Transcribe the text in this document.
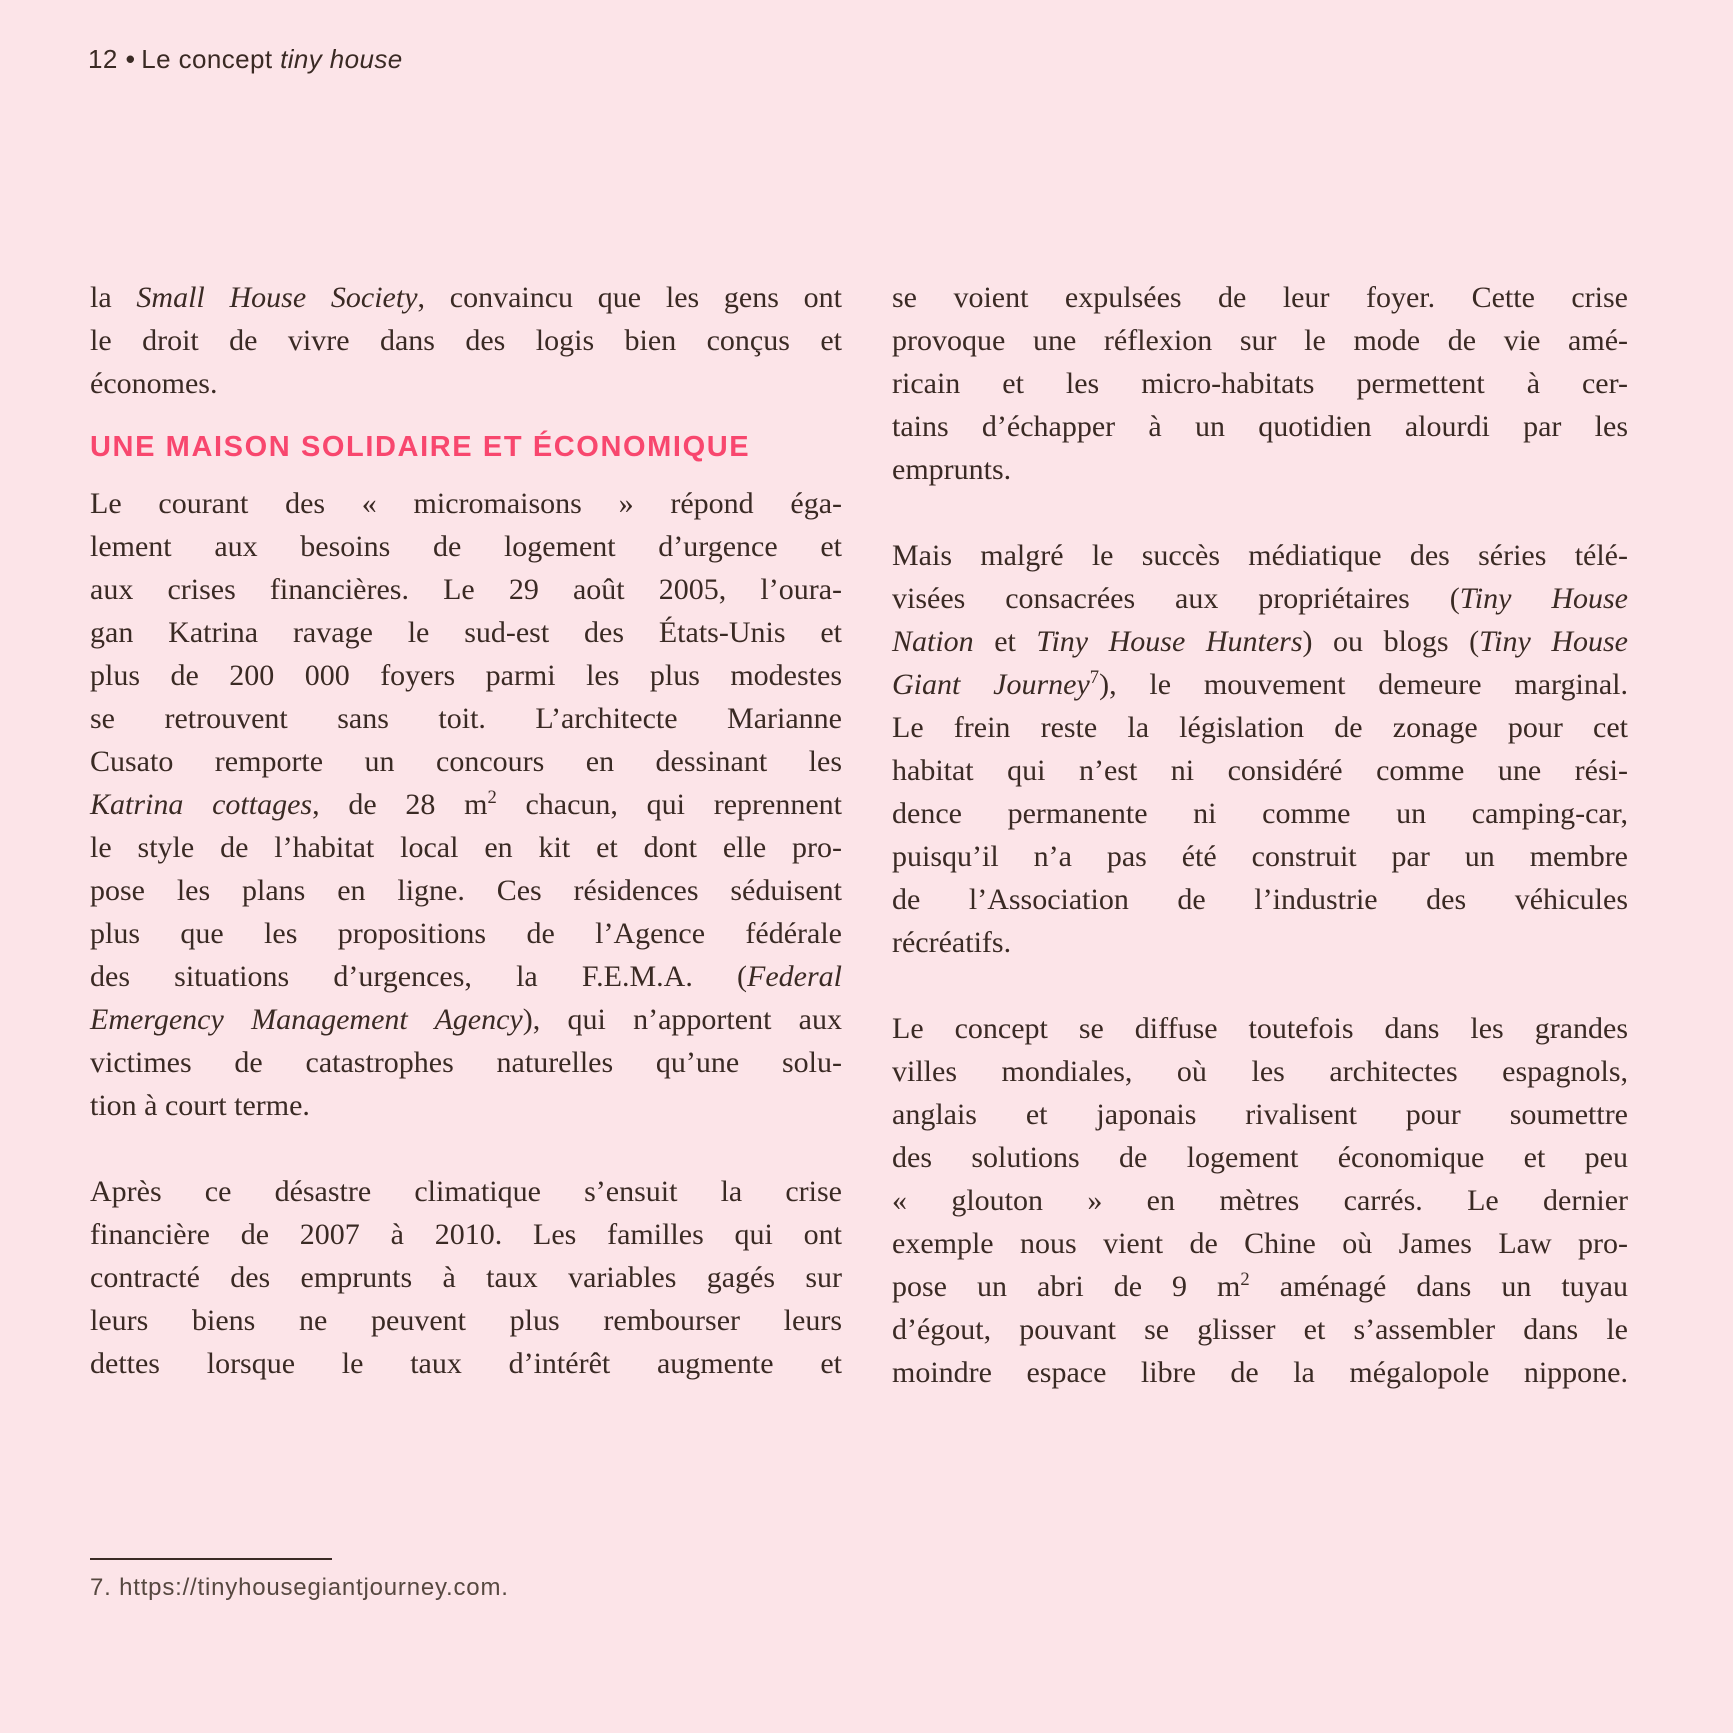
12 • Le concept tiny house
la Small House Society, convaincu que les gens ont
le droit de vivre dans des logis bien conçus et
économes.
UNE MAISON SOLIDAIRE ET ÉCONOMIQUE
Le courant des « micromaisons » répond éga-
lement aux besoins de logement d’urgence et
aux crises financières. Le 29 août 2005, l’oura-
gan Katrina ravage le sud-est des États-Unis et
plus de 200 000 foyers parmi les plus modestes
se retrouvent sans toit. L’architecte Marianne
Cusato remporte un concours en dessinant les
Katrina cottages, de 28 $m^2$ chacun, qui reprennent
le style de l’habitat local en kit et dont elle pro-
pose les plans en ligne. Ces résidences séduisent
plus que les propositions de l’Agence fédérale
des situations d’urgences, la F.E.M.A. (Federal
Emergency Management Agency), qui n’apportent aux
victimes de catastrophes naturelles qu’une solu-
tion à court terme.
Après ce désastre climatique s’ensuit la crise
financière de 2007 à 2010. Les familles qui ont
contracté des emprunts à taux variables gagés sur
leurs biens ne peuvent plus rembourser leurs
dettes lorsque le taux d’intérêt augmente et
se voient expulsées de leur foyer. Cette crise
provoque une réflexion sur le mode de vie amé-
ricain et les micro-habitats permettent à cer-
tains d’échapper à un quotidien alourdi par les
emprunts.
Mais malgré le succès médiatique des séries télé-
visées consacrées aux propriétaires (Tiny House
Nation et Tiny House Hunters) ou blogs (Tiny House
Giant Journey$^7$), le mouvement demeure marginal.
Le frein reste la législation de zonage pour cet
habitat qui n’est ni considéré comme une rési-
dence permanente ni comme un camping-car,
puisqu’il n’a pas été construit par un membre
de l’Association de l’industrie des véhicules
récréatifs.
Le concept se diffuse toutefois dans les grandes
villes mondiales, où les architectes espagnols,
anglais et japonais rivalisent pour soumettre
des solutions de logement économique et peu
« glouton » en mètres carrés. Le dernier
exemple nous vient de Chine où James Law pro-
pose un abri de 9 $m^2$ aménagé dans un tuyau
d’égout, pouvant se glisser et s’assembler dans le
moindre espace libre de la mégalopole nippone.
7. https://tinyhousegiantjourney.com.
